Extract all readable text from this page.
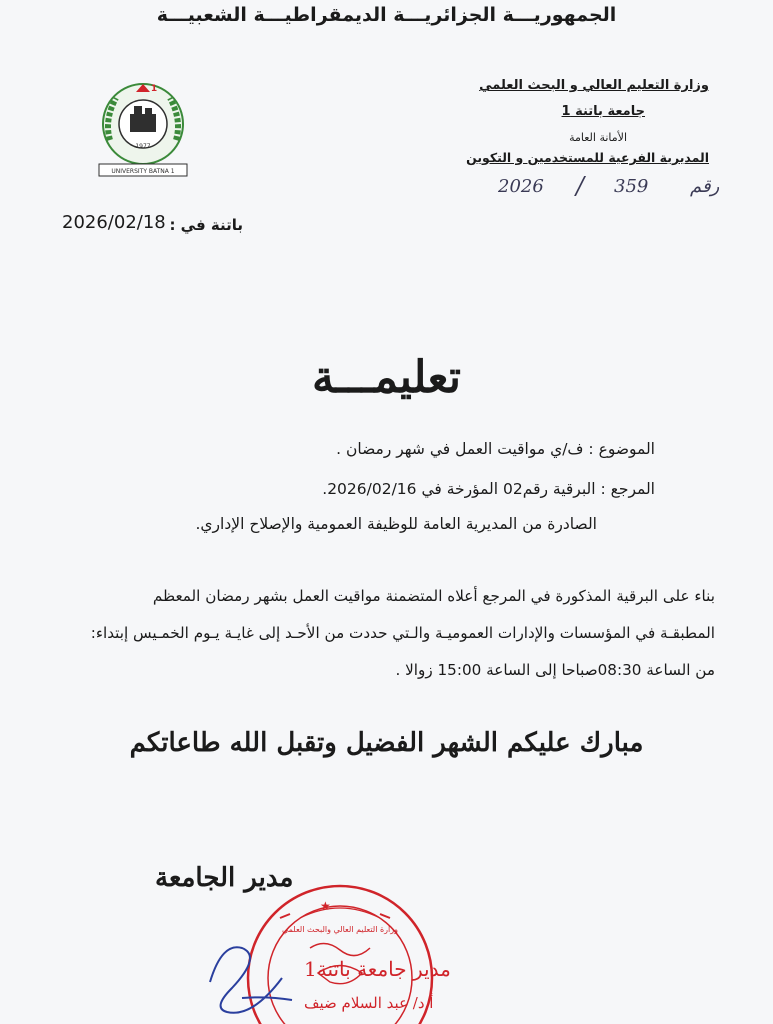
الجمهوريـــة الجزائريـــة الديمقراطيـــة الشعبيـــة
وزارة التعليم العالي و البحث العلمي
جامعة باتنة 1
الأمانة العامة
المديرية الفرعية للمستخدمين و التكوين
1977
UNIVERSITY BATNA 1
1
2026 / 359 رقم
باتنة في :
2026/02/18
تعليمـــة
الموضوع : ف/ي مواقيت العمل في شهر رمضان .
المرجع : البرقية رقم02 المؤرخة في 2026/02/16.
الصادرة من المديرية العامة للوظيفة العمومية والإصلاح الإداري.
بناء على البرقية المذكورة في المرجع أعلاه المتضمنة مواقيت العمل بشهر رمضان المعظم
المطبقـة في المؤسسات والإدارات العموميـة والـتي حددت من الأحـد إلى غايـة يـوم الخمـيس إبتداء:
من الساعة 08:30صباحا إلى الساعة 15:00 زوالا .
مبارك عليكم الشهر الفضيل وتقبل الله طاعاتكم
مدير الجامعة
★
وزارة التعليم العالي والبحث العلمي
مدير جامعة باتنة1
أ.د/ عبد السلام ضيف
